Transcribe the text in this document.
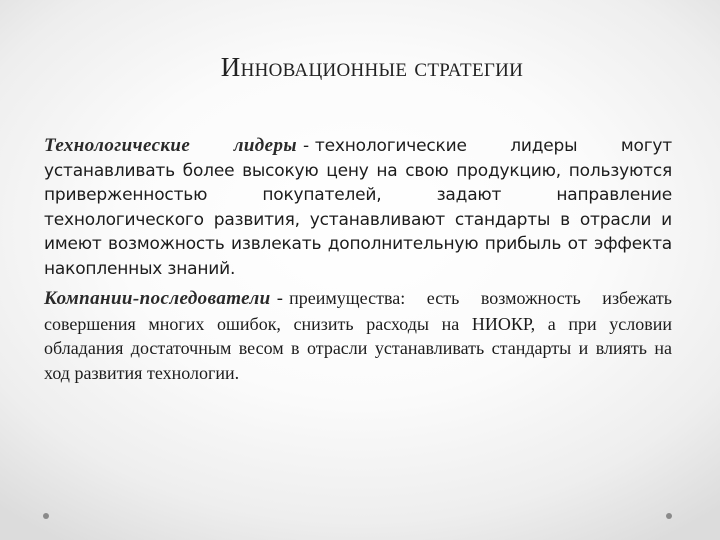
Инновационные стратегии

Технологические лидеры - технологические лидеры могут устанавливать более высокую цену на свою продукцию, пользуются приверженностью покупателей, задают направление технологического развития, устанавливают стандарты в отрасли и имеют возможность извлекать дополнительную прибыль от эффекта накопленных знаний.

Компании-последователи - преимущества: есть возможность избежать совершения многих ошибок, снизить расходы на НИОКР, а при условии обладания достаточным весом в отрасли устанавливать стандарты и влиять на ход развития технологии.
